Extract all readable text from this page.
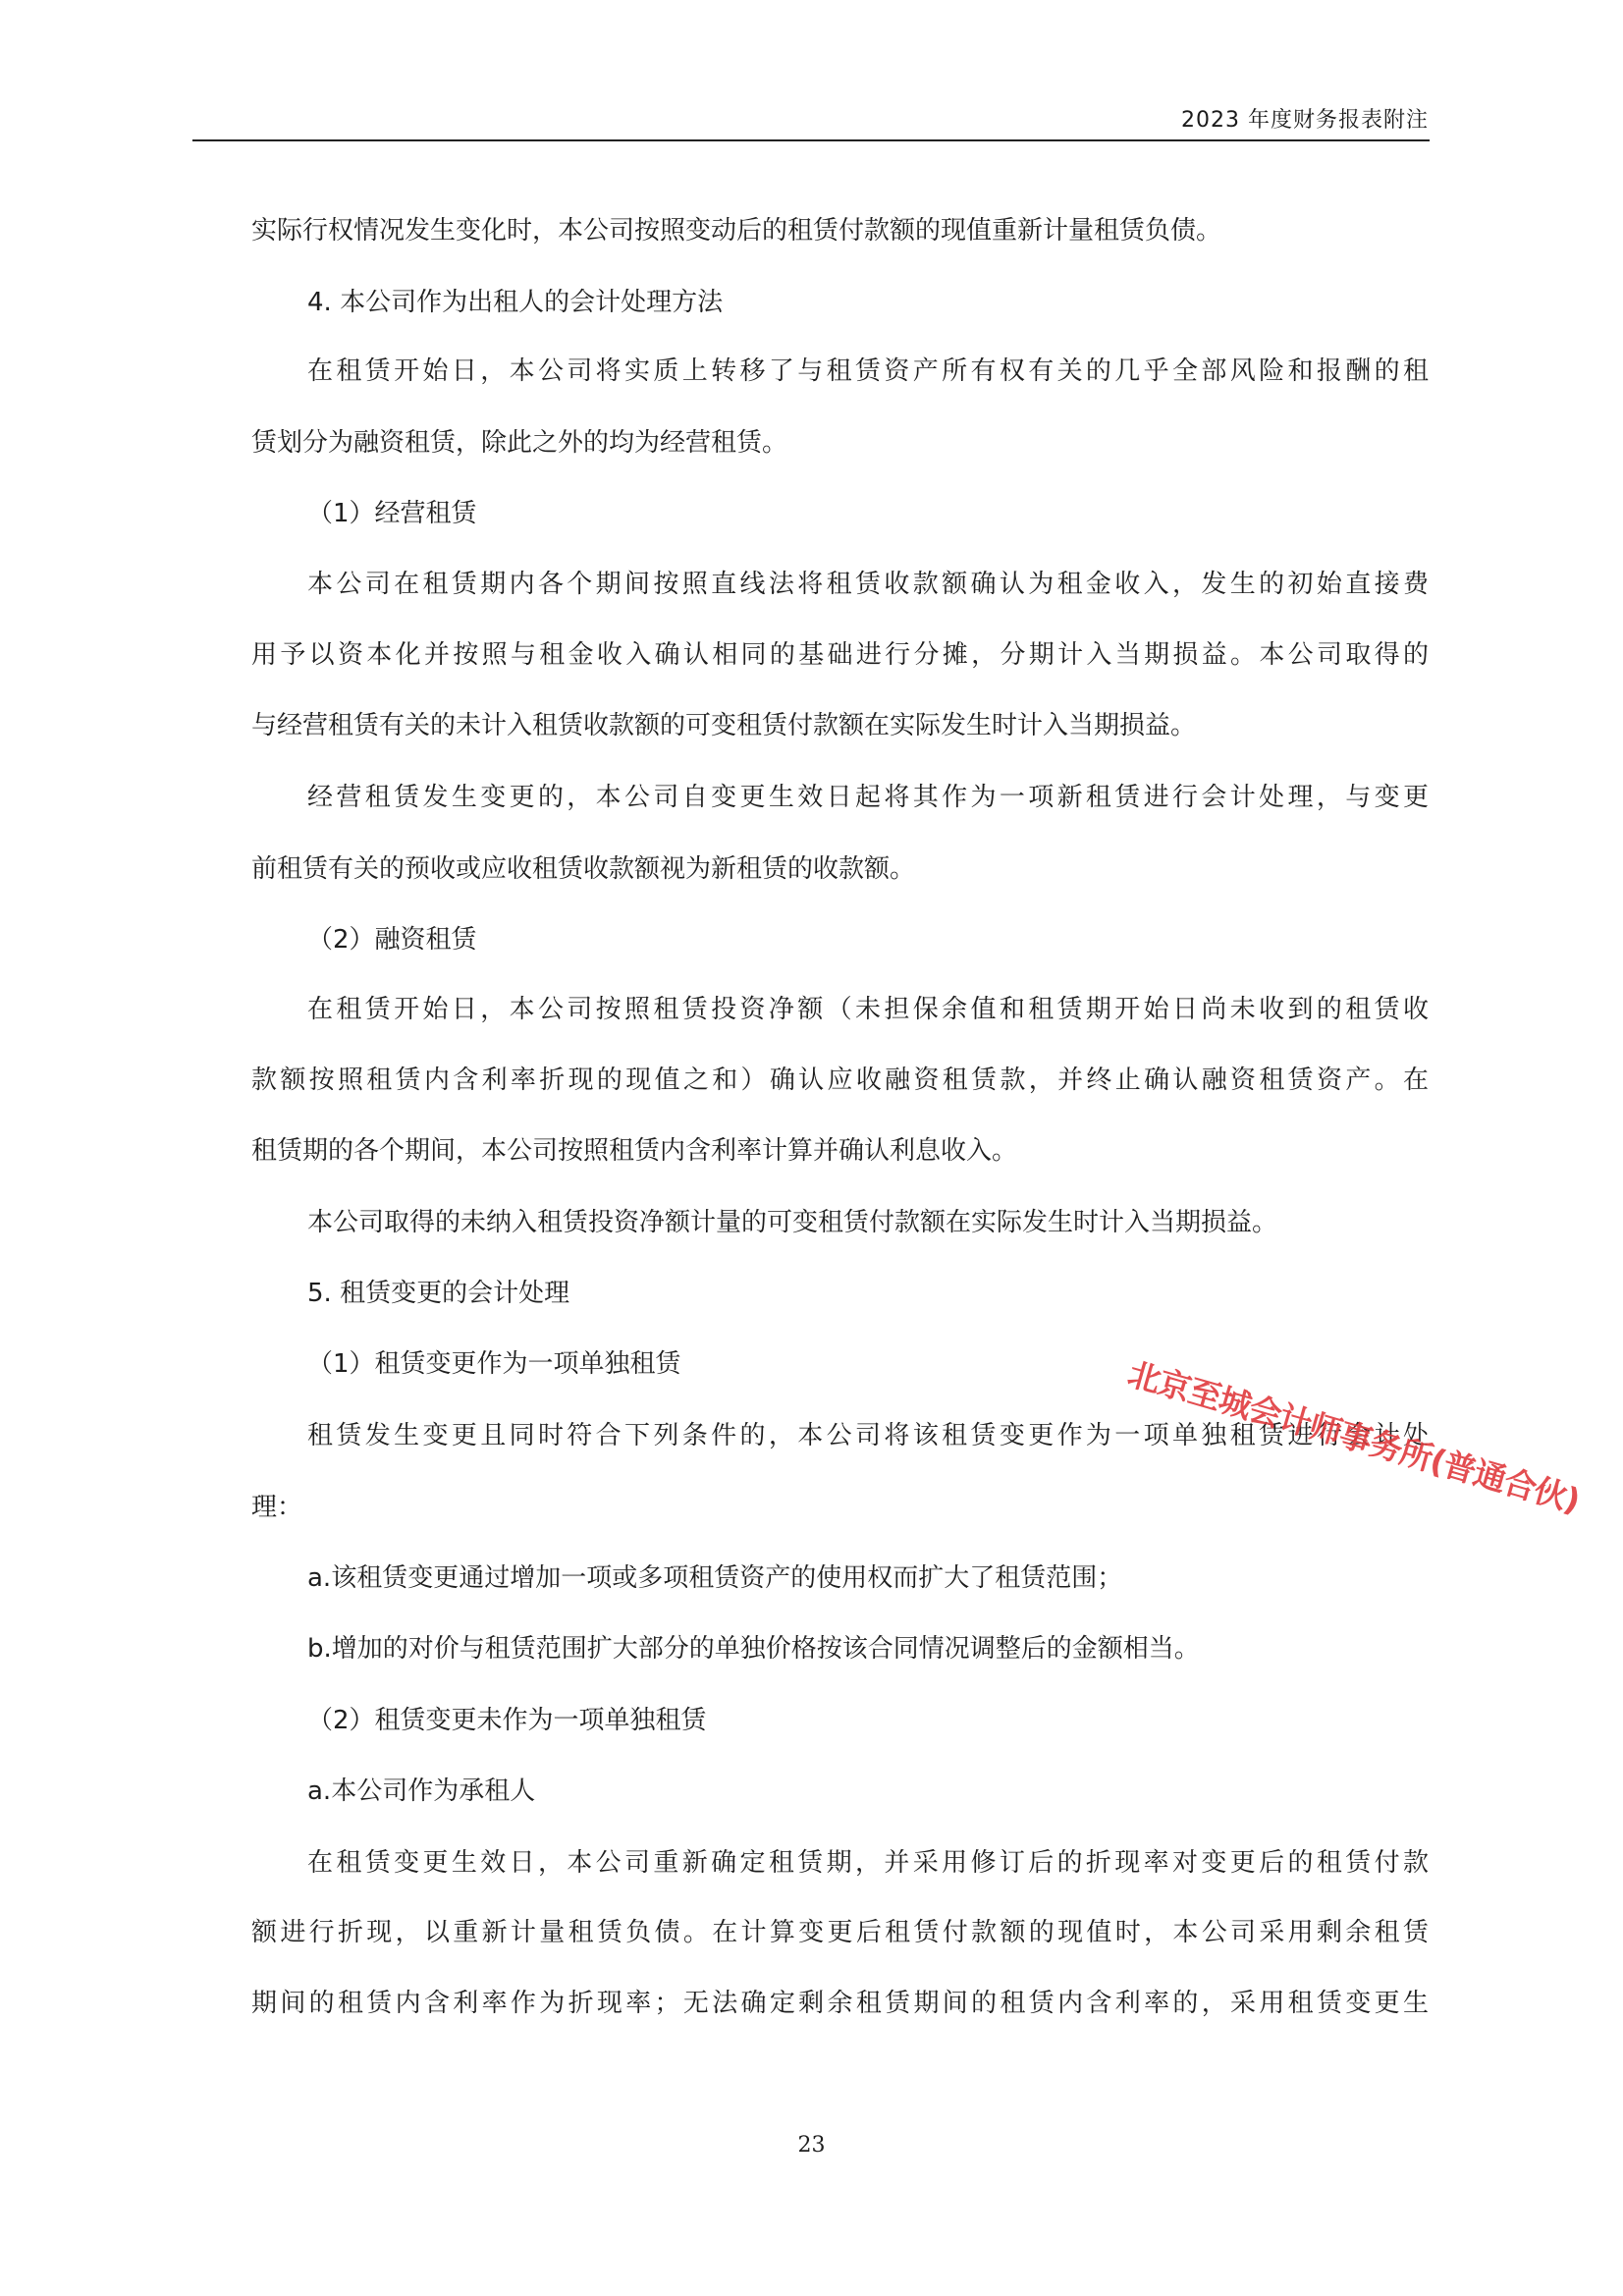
2023 年度财务报表附注
实际行权情况发生变化时，本公司按照变动后的租赁付款额的现值重新计量租赁负债。
4. 本公司作为出租人的会计处理方法
在租赁开始日，本公司将实质上转移了与租赁资产所有权有关的几乎全部风险和报酬的租
赁划分为融资租赁，除此之外的均为经营租赁。
（1）经营租赁
本公司在租赁期内各个期间按照直线法将租赁收款额确认为租金收入，发生的初始直接费
用予以资本化并按照与租金收入确认相同的基础进行分摊，分期计入当期损益。本公司取得的
与经营租赁有关的未计入租赁收款额的可变租赁付款额在实际发生时计入当期损益。
经营租赁发生变更的，本公司自变更生效日起将其作为一项新租赁进行会计处理，与变更
前租赁有关的预收或应收租赁收款额视为新租赁的收款额。
（2）融资租赁
在租赁开始日，本公司按照租赁投资净额（未担保余值和租赁期开始日尚未收到的租赁收
款额按照租赁内含利率折现的现值之和）确认应收融资租赁款，并终止确认融资租赁资产。在
租赁期的各个期间，本公司按照租赁内含利率计算并确认利息收入。
本公司取得的未纳入租赁投资净额计量的可变租赁付款额在实际发生时计入当期损益。
5. 租赁变更的会计处理
（1）租赁变更作为一项单独租赁
租赁发生变更且同时符合下列条件的，本公司将该租赁变更作为一项单独租赁进行会计处
理：
a.该租赁变更通过增加一项或多项租赁资产的使用权而扩大了租赁范围；
b.增加的对价与租赁范围扩大部分的单独价格按该合同情况调整后的金额相当。
（2）租赁变更未作为一项单独租赁
a.本公司作为承租人
在租赁变更生效日，本公司重新确定租赁期，并采用修订后的折现率对变更后的租赁付款
额进行折现，以重新计量租赁负债。在计算变更后租赁付款额的现值时，本公司采用剩余租赁
期间的租赁内含利率作为折现率；无法确定剩余租赁期间的租赁内含利率的，采用租赁变更生
北京至城会计师事务所(普通合伙)
23
